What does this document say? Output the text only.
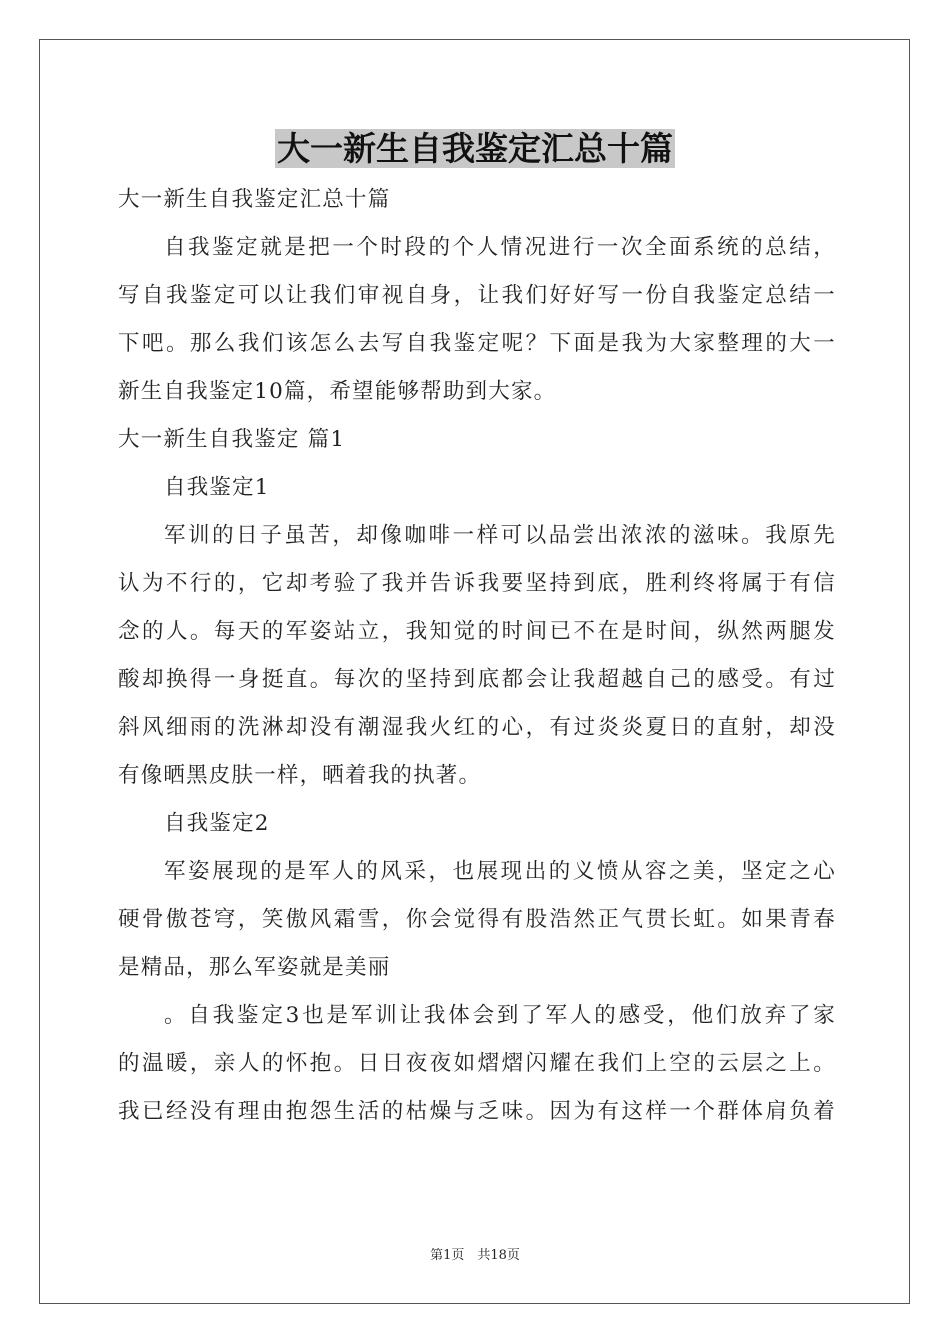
大一新生自我鉴定汇总十篇
大一新生自我鉴定汇总十篇
自我鉴定就是把一个时段的个人情况进行一次全面系统的总结，
写自我鉴定可以让我们审视自身，让我们好好写一份自我鉴定总结一
下吧。那么我们该怎么去写自我鉴定呢？下面是我为大家整理的大一
新生自我鉴定10篇，希望能够帮助到大家。
大一新生自我鉴定 篇1
自我鉴定1
军训的日子虽苦，却像咖啡一样可以品尝出浓浓的滋味。我原先
认为不行的，它却考验了我并告诉我要坚持到底，胜利终将属于有信
念的人。每天的军姿站立，我知觉的时间已不在是时间，纵然两腿发
酸却换得一身挺直。每次的坚持到底都会让我超越自己的感受。有过
斜风细雨的洗淋却没有潮湿我火红的心，有过炎炎夏日的直射，却没
有像晒黑皮肤一样，晒着我的执著。
自我鉴定2
军姿展现的是军人的风采，也展现出的义愤从容之美，坚定之心
硬骨傲苍穹，笑傲风霜雪，你会觉得有股浩然正气贯长虹。如果青春
是精品，那么军姿就是美丽
。自我鉴定3也是军训让我体会到了军人的感受，他们放弃了家
的温暖，亲人的怀抱。日日夜夜如熠熠闪耀在我们上空的云层之上。
我已经没有理由抱怨生活的枯燥与乏味。因为有这样一个群体肩负着
第1页　共18页
